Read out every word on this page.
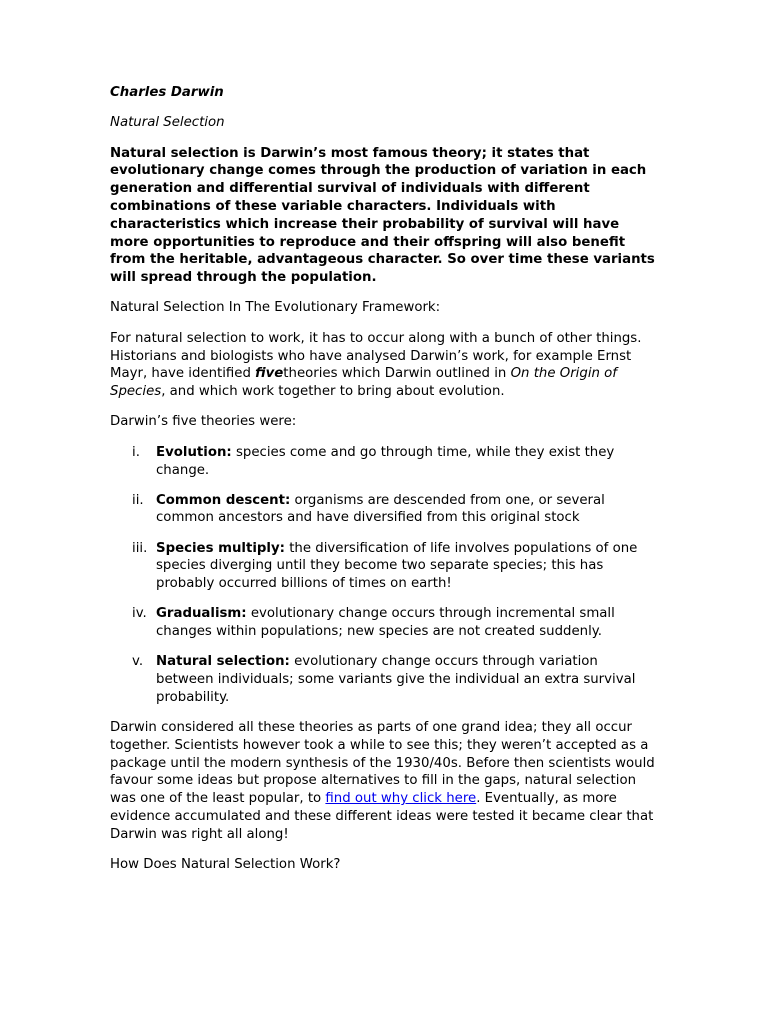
Charles Darwin

Natural Selection

Natural selection is Darwin’s most famous theory; it states that evolutionary change comes through the production of variation in each generation and differential survival of individuals with different combinations of these variable characters. Individuals with characteristics which increase their probability of survival will have more opportunities to reproduce and their offspring will also benefit from the heritable, advantageous character. So over time these variants will spread through the population.

Natural Selection In The Evolutionary Framework:

For natural selection to work, it has to occur along with a bunch of other things. Historians and biologists who have analysed Darwin’s work, for example Ernst Mayr, have identified fivetheories which Darwin outlined in On the Origin of Species, and which work together to bring about evolution.

Darwin’s five theories were:

i.	Evolution: species come and go through time, while they exist they change.
ii. Common descent: organisms are descended from one, or several common ancestors and have diversified from this original stock
iii. Species multiply: the diversification of life involves populations of one species diverging until they become two separate species; this has probably occurred billions of times on earth!
iv. Gradualism: evolutionary change occurs through incremental small changes within populations; new species are not created suddenly.
v. Natural selection: evolutionary change occurs through variation between individuals; some variants give the individual an extra survival probability.

Darwin considered all these theories as parts of one grand idea; they all occur together. Scientists however took a while to see this; they weren’t accepted as a package until the modern synthesis of the 1930/40s. Before then scientists would favour some ideas but propose alternatives to fill in the gaps, natural selection was one of the least popular, to find out why click here. Eventually, as more evidence accumulated and these different ideas were tested it became clear that Darwin was right all along!

How Does Natural Selection Work?
